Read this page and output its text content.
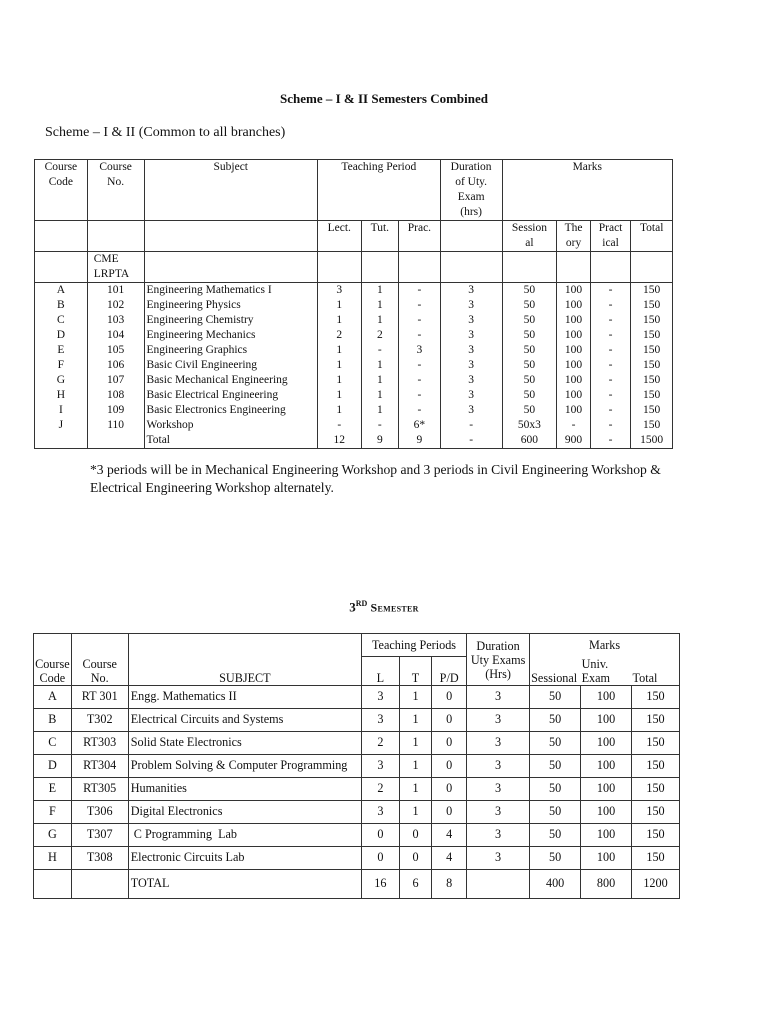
Scheme – I & II Semesters Combined
Scheme – I & II (Common to all branches)
Course
Code	Course
No.	Subject	Teaching Period			Duration
of Uty.
Exam
(hrs)	Marks			
			Lect.	Tut.	Prac.		Session
al	The
ory	Pract
ical	Total
	CME
LRPTA									
A	101	Engineering Mathematics I	3	1	-	3	50	100	-	150
B	102	Engineering Physics	1	1	-	3	50	100	-	150
C	103	Engineering Chemistry	1	1	-	3	50	100	-	150
D	104	Engineering Mechanics	2	2	-	3	50	100	-	150
E	105	Engineering Graphics	1	-	3	3	50	100	-	150
F	106	Basic Civil Engineering	1	1	-	3	50	100	-	150
G	107	Basic Mechanical Engineering	1	1	-	3	50	100	-	150
H	108	Basic Electrical Engineering	1	1	-	3	50	100	-	150
I	109	Basic Electronics Engineering	1	1	-	3	50	100	-	150
J	110	Workshop	-	-	6*	-	50x3	-	-	150
		Total	12	9	9	-	600	900	-	1500
*3 periods will be in Mechanical Engineering Workshop and 3 periods in Civil Engineering Workshop & Electrical Engineering Workshop alternately.
3RD Semester
			Teaching Periods			Duration
Uty Exams
(Hrs)	Marks		
Course
Code	Course
No.	SUBJECT	L	T	P/D		Sessional	Univ.
Exam	Total
A	RT 301	Engg. Mathematics II	3	1	0	3	50	100	150
B	T302	Electrical Circuits and Systems	3	1	0	3	50	100	150
C	RT303	Solid State Electronics	2	1	0	3	50	100	150
D	RT304	Problem Solving & Computer Programming	3	1	0	3	50	100	150
E	RT305	Humanities	2	1	0	3	50	100	150
F	T306	Digital Electronics	3	1	0	3	50	100	150
G	T307	C Programming  Lab	0	0	4	3	50	100	150
H	T308	Electronic Circuits Lab	0	0	4	3	50	100	150
		TOTAL	16	6	8		400	800	1200
